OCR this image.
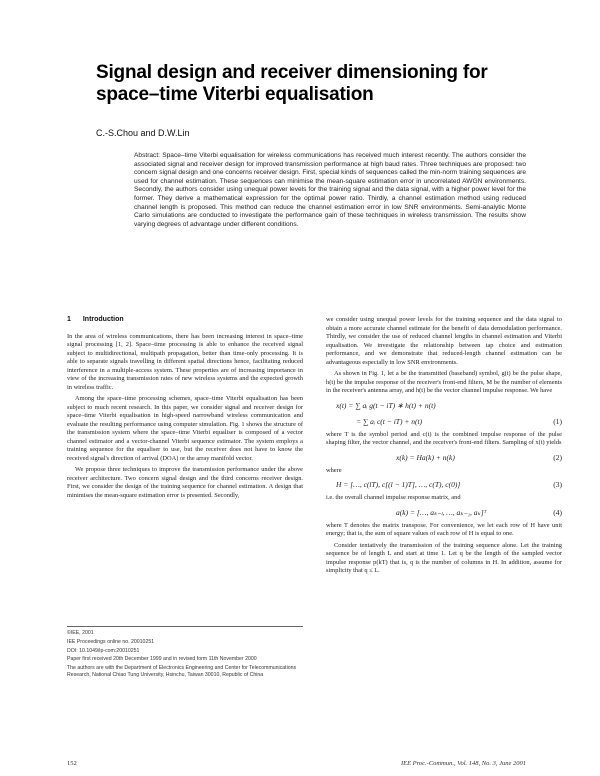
Signal design and receiver dimensioning for space–time Viterbi equalisation
C.-S.Chou and D.W.Lin
Abstract: Space–time Viterbi equalisation for wireless communications has received much interest recently. The authors consider the associated signal and receiver design for improved transmission performance at high baud rates. Three techniques are proposed: two concern signal design and one concerns receiver design. First, special kinds of sequences called the min-norm training sequences are used for channel estimation. These sequences can minimise the mean-square estimation error in uncorrelated AWGN environments. Secondly, the authors consider using unequal power levels for the training signal and the data signal, with a higher power level for the former. They derive a mathematical expression for the optimal power ratio. Thirdly, a channel estimation method using reduced channel length is proposed. This method can reduce the channel estimation error in low SNR environments. Semi-analytic Monte Carlo simulations are conducted to investigate the performance gain of these techniques in wireless transmission. The results show varying degrees of advantage under different conditions.
1 Introduction

In the area of wireless communications, there has been increasing interest in space–time signal processing [1, 2]. Space–time processing is able to enhance the received signal subject to multidirectional, multipath propagation, better than time-only processing. It is able to separate signals travelling in different spatial directions hence, facilitating reduced interference in a multiple-access system. These properties are of increasing importance in view of the increasing transmission rates of new wireless systems and the expected growth in wireless traffic.

Among the space–time processing schemes, space–time Viterbi equalisation has been subject to much recent research. In this paper, we consider signal and receiver design for space–time Viterbi equalisation in high-speed narrowband wireless communication and evaluate the resulting performance using computer simulation. Fig. 1 shows the structure of the transmission system where the space–time Viterbi equaliser is composed of a vector channel estimator and a vector-channel Viterbi sequence estimator. The system employs a training sequence for the equaliser to use, but the receiver does not have to know the received signal's direction of arrival (DOA) or the array manifold vector.

We propose three techniques to improve the transmission performance under the above receiver architecture. Two concern signal design and the third concerns receiver design. First, we consider the design of the training sequence for channel estimation. A design that minimises the mean-square estimation error is presented. Secondly,

©IEE, 2001

IEE Proceedings online no. 20010251

DOI: 10.1049/ip-com:20010251

Paper first received 20th December 1999 and in revised form 11th November 2000

The authors are with the Department of Electronics Engineering and Center for Telecommunications Research, National Chiao Tung University, Hsinchu, Taiwan 30010, Republic of China

we consider using unequal power levels for the training sequence and the data signal to obtain a more accurate channel estimate for the benefit of data demodulation performance. Thirdly, we consider the use of reduced channel lengths in channel estimation and Viterbi equalisation. We investigate the relationship between tap choice and estimation performance, and we demonstrate that reduced-length channel estimation can be advantageous especially in low SNR environments.

As shown in Fig. 1, let a be the transmitted (baseband) symbol, g(t) be the pulse shape, h(t) be the impulse response of the receiver's front-end filters, M be the number of elements in the receiver's antenna array, and h(t) be the vector channel impulse response. We have

x(t) = ∑ aᵢ g(t − iT) ∗ h(t) + n(t)
= ∑ aᵢ c(t − iT) + n(t)	(1)

where T is the symbol period and c(t) is the combined impulse response of the pulse shaping filter, the vector channel, and the receiver's front-end filters. Sampling of x(t) yields

x(k) = Ha(k) + n(k)	(2)

where

H = […, c(lT), c[(l − 1)T], …, c(T), c(0)]	(3)

i.e. the overall channel impulse response matrix, and

a(k) = […, aₖ₋ₗ, …, aₖ₋₁, aₖ]ᵀ	(4)

where T denotes the matrix transpose. For convenience, we let each row of H have unit energy; that is, the sum of square values of each row of H is equal to one.

Consider tentatively the transmission of the training sequence alone. Let the training sequence be of length L and start at time 1. Let q be the length of the sampled vector impulse response p(kT) that is, q is the number of columns in H. In addition, assume for simplicity that q ≤ L.

152	IEE Proc.-Commun., Vol. 148, No. 3, June 2001
